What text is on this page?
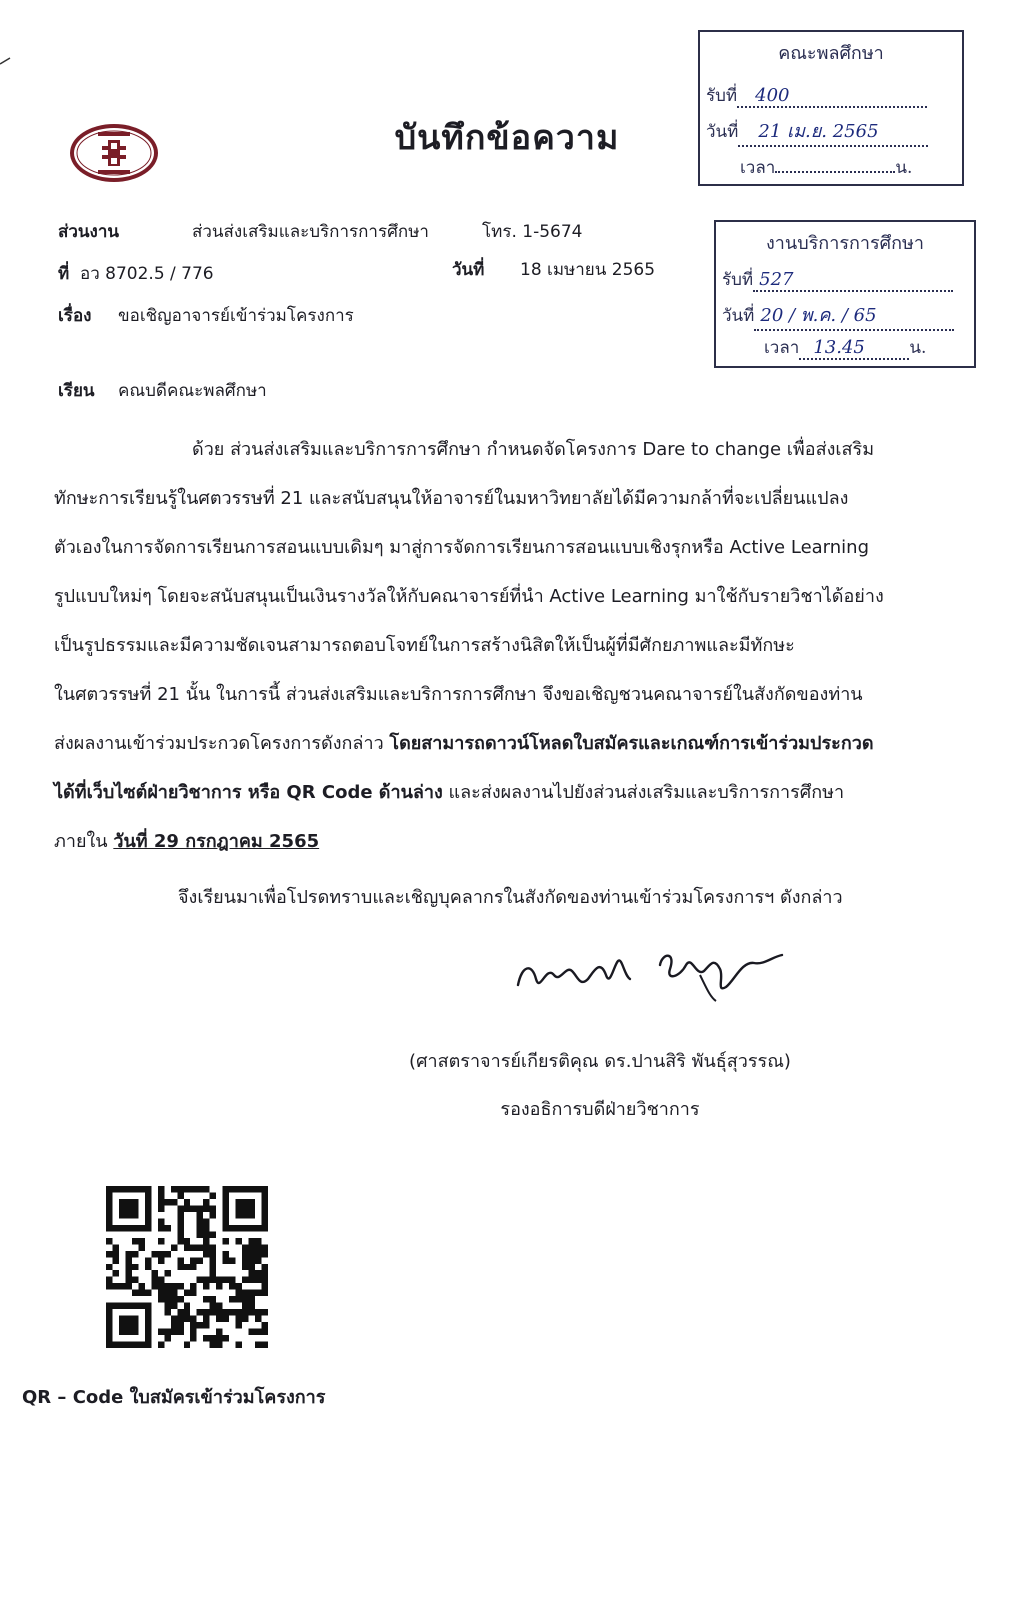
บันทึกข้อความ
คณะพลศึกษา
รับที่ 400
วันที่ 21 เม.ย. 2565
เวลา	น.
งานบริการการศึกษา
รับที่ 527
วันที่ 20 / พ.ค. / 65
เวลา 13.45	น.
ส่วนงาน	ส่วนส่งเสริมและบริการการศึกษา	โทร. 1-5674
ที่ อว 8702.5 / 776	วันที่ 18 เมษายน 2565
เรื่อง ขอเชิญอาจารย์เข้าร่วมโครงการ
เรียน คณบดีคณะพลศึกษา
ด้วย ส่วนส่งเสริมและบริการการศึกษา กำหนดจัดโครงการ Dare to change เพื่อส่งเสริม
ทักษะการเรียนรู้ในศตวรรษที่ 21 และสนับสนุนให้อาจารย์ในมหาวิทยาลัยได้มีความกล้าที่จะเปลี่ยนแปลง
ตัวเองในการจัดการเรียนการสอนแบบเดิมๆ มาสู่การจัดการเรียนการสอนแบบเชิงรุกหรือ Active Learning
รูปแบบใหม่ๆ โดยจะสนับสนุนเป็นเงินรางวัลให้กับคณาจารย์ที่นำ Active Learning มาใช้กับรายวิชาได้อย่าง
เป็นรูปธรรมและมีความชัดเจนสามารถตอบโจทย์ในการสร้างนิสิตให้เป็นผู้ที่มีศักยภาพและมีทักษะ
ในศตวรรษที่ 21 นั้น ในการนี้ ส่วนส่งเสริมและบริการการศึกษา จึงขอเชิญชวนคณาจารย์ในสังกัดของท่าน
ส่งผลงานเข้าร่วมประกวดโครงการดังกล่าว โดยสามารถดาวน์โหลดใบสมัครและเกณฑ์การเข้าร่วมประกวด
ได้ที่เว็บไซต์ฝ่ายวิชาการ หรือ QR Code ด้านล่าง และส่งผลงานไปยังส่วนส่งเสริมและบริการการศึกษา
ภายใน วันที่ 29 กรกฎาคม 2565
จึงเรียนมาเพื่อโปรดทราบและเชิญบุคลากรในสังกัดของท่านเข้าร่วมโครงการฯ ดังกล่าว
(ศาสตราจารย์เกียรติคุณ ดร.ปานสิริ พันธุ์สุวรรณ)
รองอธิการบดีฝ่ายวิชาการ
QR – Code ใบสมัครเข้าร่วมโครงการ
